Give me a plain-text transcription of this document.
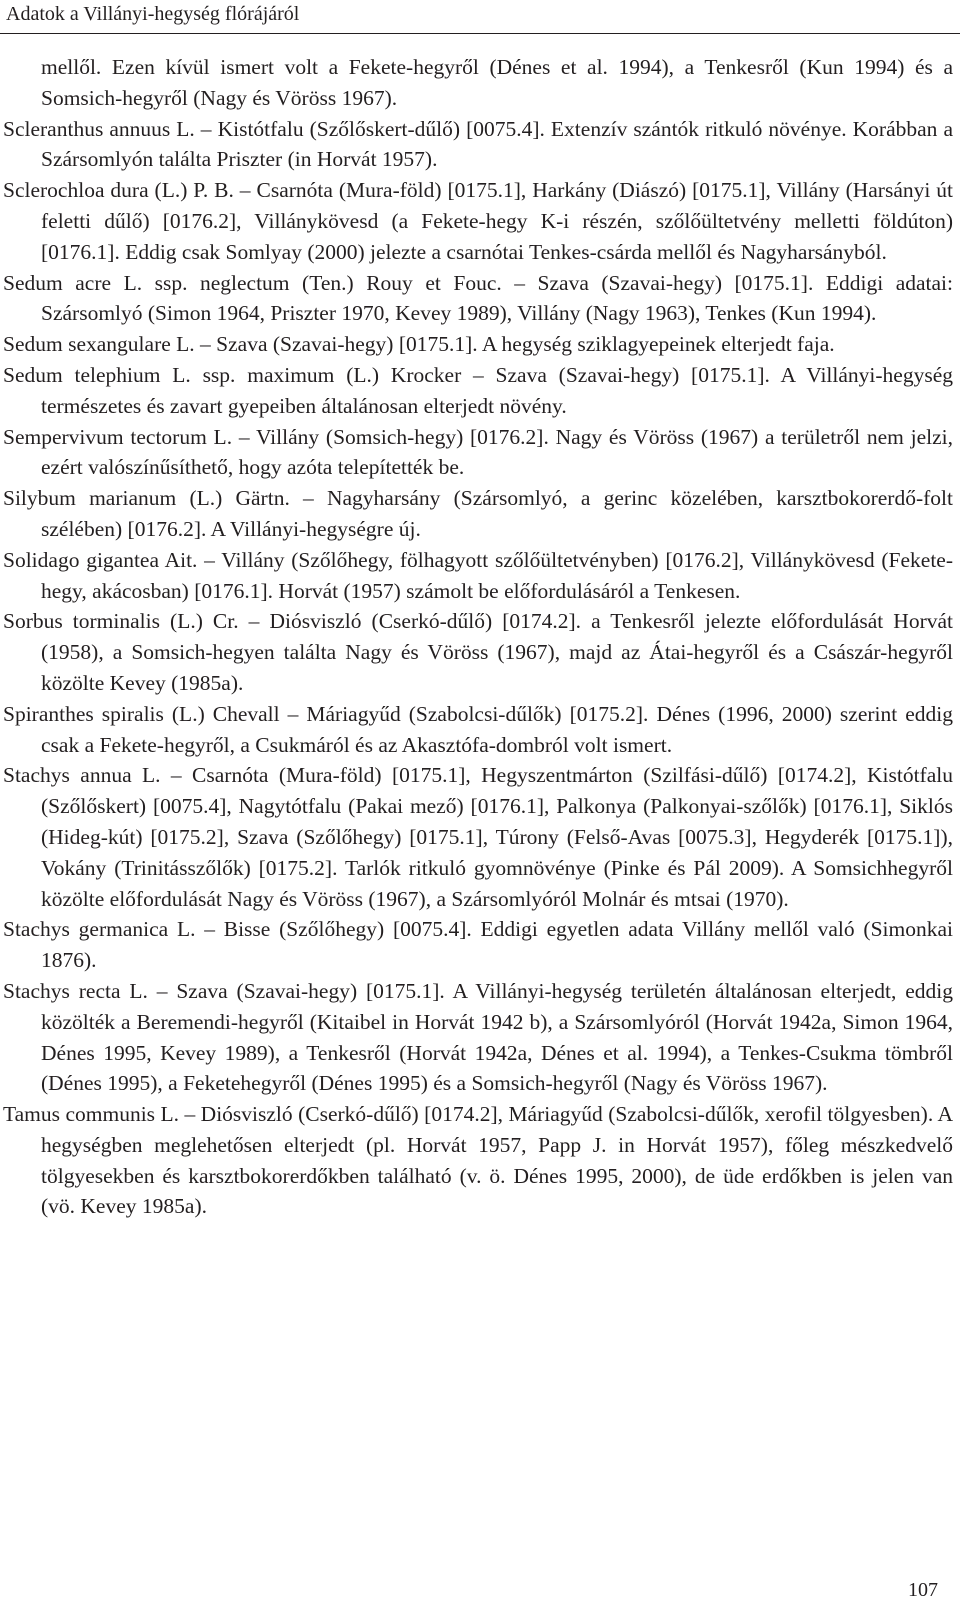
Adatok a Villányi-hegység flórájáról

mellől. Ezen kívül ismert volt a Fekete-hegyről (Dénes et al. 1994), a Tenkesről (Kun 1994) és a Somsich-hegyről (Nagy és Vöröss 1967).

Scleranthus annuus L. – Kistótfalu (Szőlőskert-dűlő) [0075.4]. Extenzív szántók ritkuló növénye. Korábban a Szársomlyón találta Priszter (in Horvát 1957).

Sclerochloa dura (L.) P. B. – Csarnóta (Mura-föld) [0175.1], Harkány (Diászó) [0175.1], Villány (Harsányi út feletti dűlő) [0176.2], Villánykövesd (a Fekete-hegy K-i részén, szőlőültetvény melletti földúton) [0176.1]. Eddig csak Somlyay (2000) jelezte a csarnótai Tenkes-csárda mellől és Nagyharsányból.

Sedum acre L. ssp. neglectum (Ten.) Rouy et Fouc. – Szava (Szavai-hegy) [0175.1]. Eddigi adatai: Szársomlyó (Simon 1964, Priszter 1970, Kevey 1989), Villány (Nagy 1963), Tenkes (Kun 1994).

Sedum sexangulare L. – Szava (Szavai-hegy) [0175.1]. A hegység sziklagyepeinek elterjedt faja.

Sedum telephium L. ssp. maximum (L.) Krocker – Szava (Szavai-hegy) [0175.1]. A Villányi-hegység természetes és zavart gyepeiben általánosan elterjedt növény.

Sempervivum tectorum L. – Villány (Somsich-hegy) [0176.2]. Nagy és Vöröss (1967) a területről nem jelzi, ezért valószínűsíthető, hogy azóta telepítették be.

Silybum marianum (L.) Gärtn. – Nagyharsány (Szársomlyó, a gerinc közelében, karsztbokorerdő-folt szélében) [0176.2]. A Villányi-hegységre új.

Solidago gigantea Ait. – Villány (Szőlőhegy, fölhagyott szőlőültetvényben) [0176.2], Villánykövesd (Fekete-hegy, akácosban) [0176.1]. Horvát (1957) számolt be előfordulásáról a Tenkesen.

Sorbus torminalis (L.) Cr. – Diósviszló (Cserkó-dűlő) [0174.2]. a Tenkesről jelezte előfordulását Horvát (1958), a Somsich-hegyen találta Nagy és Vöröss (1967), majd az Átai-hegyről és a Császár-hegyről közölte Kevey (1985a).

Spiranthes spiralis (L.) Chevall – Máriagyűd (Szabolcsi-dűlők) [0175.2]. Dénes (1996, 2000) szerint eddig csak a Fekete-hegyről, a Csukmáról és az Akasztófa-dombról volt ismert.

Stachys annua L. – Csarnóta (Mura-föld) [0175.1], Hegyszentmárton (Szilfási-dűlő) [0174.2], Kistótfalu (Szőlőskert) [0075.4], Nagytótfalu (Pakai mező) [0176.1], Palkonya (Palkonyai-szőlők) [0176.1], Siklós (Hideg-kút) [0175.2], Szava (Szőlőhegy) [0175.1], Túrony (Felső-Avas [0075.3], Hegyderék [0175.1]), Vokány (Trinitásszőlők) [0175.2]. Tarlók ritkuló gyomnövénye (Pinke és Pál 2009). A Somsichhegyről közölte előfordulását Nagy és Vöröss (1967), a Szársomlyóról Molnár és mtsai (1970).

Stachys germanica L. – Bisse (Szőlőhegy) [0075.4]. Eddigi egyetlen adata Villány mellől való (Simonkai 1876).

Stachys recta L. – Szava (Szavai-hegy) [0175.1]. A Villányi-hegység területén általánosan elterjedt, eddig közölték a Beremendi-hegyről (Kitaibel in Horvát 1942 b), a Szársomlyóról (Horvát 1942a, Simon 1964, Dénes 1995, Kevey 1989), a Tenkesről (Horvát 1942a, Dénes et al. 1994), a Tenkes-Csukma tömbről (Dénes 1995), a Feketehegyről (Dénes 1995) és a Somsich-hegyről (Nagy és Vöröss 1967).

Tamus communis L. – Diósviszló (Cserkó-dűlő) [0174.2], Máriagyűd (Szabolcsi-dűlők, xerofil tölgyesben). A hegységben meglehetősen elterjedt (pl. Horvát 1957, Papp J. in Horvát 1957), főleg mészkedvelő tölgyesekben és karsztbokorerdőkben található (v. ö. Dénes 1995, 2000), de üde erdőkben is jelen van (vö. Kevey 1985a).

107
